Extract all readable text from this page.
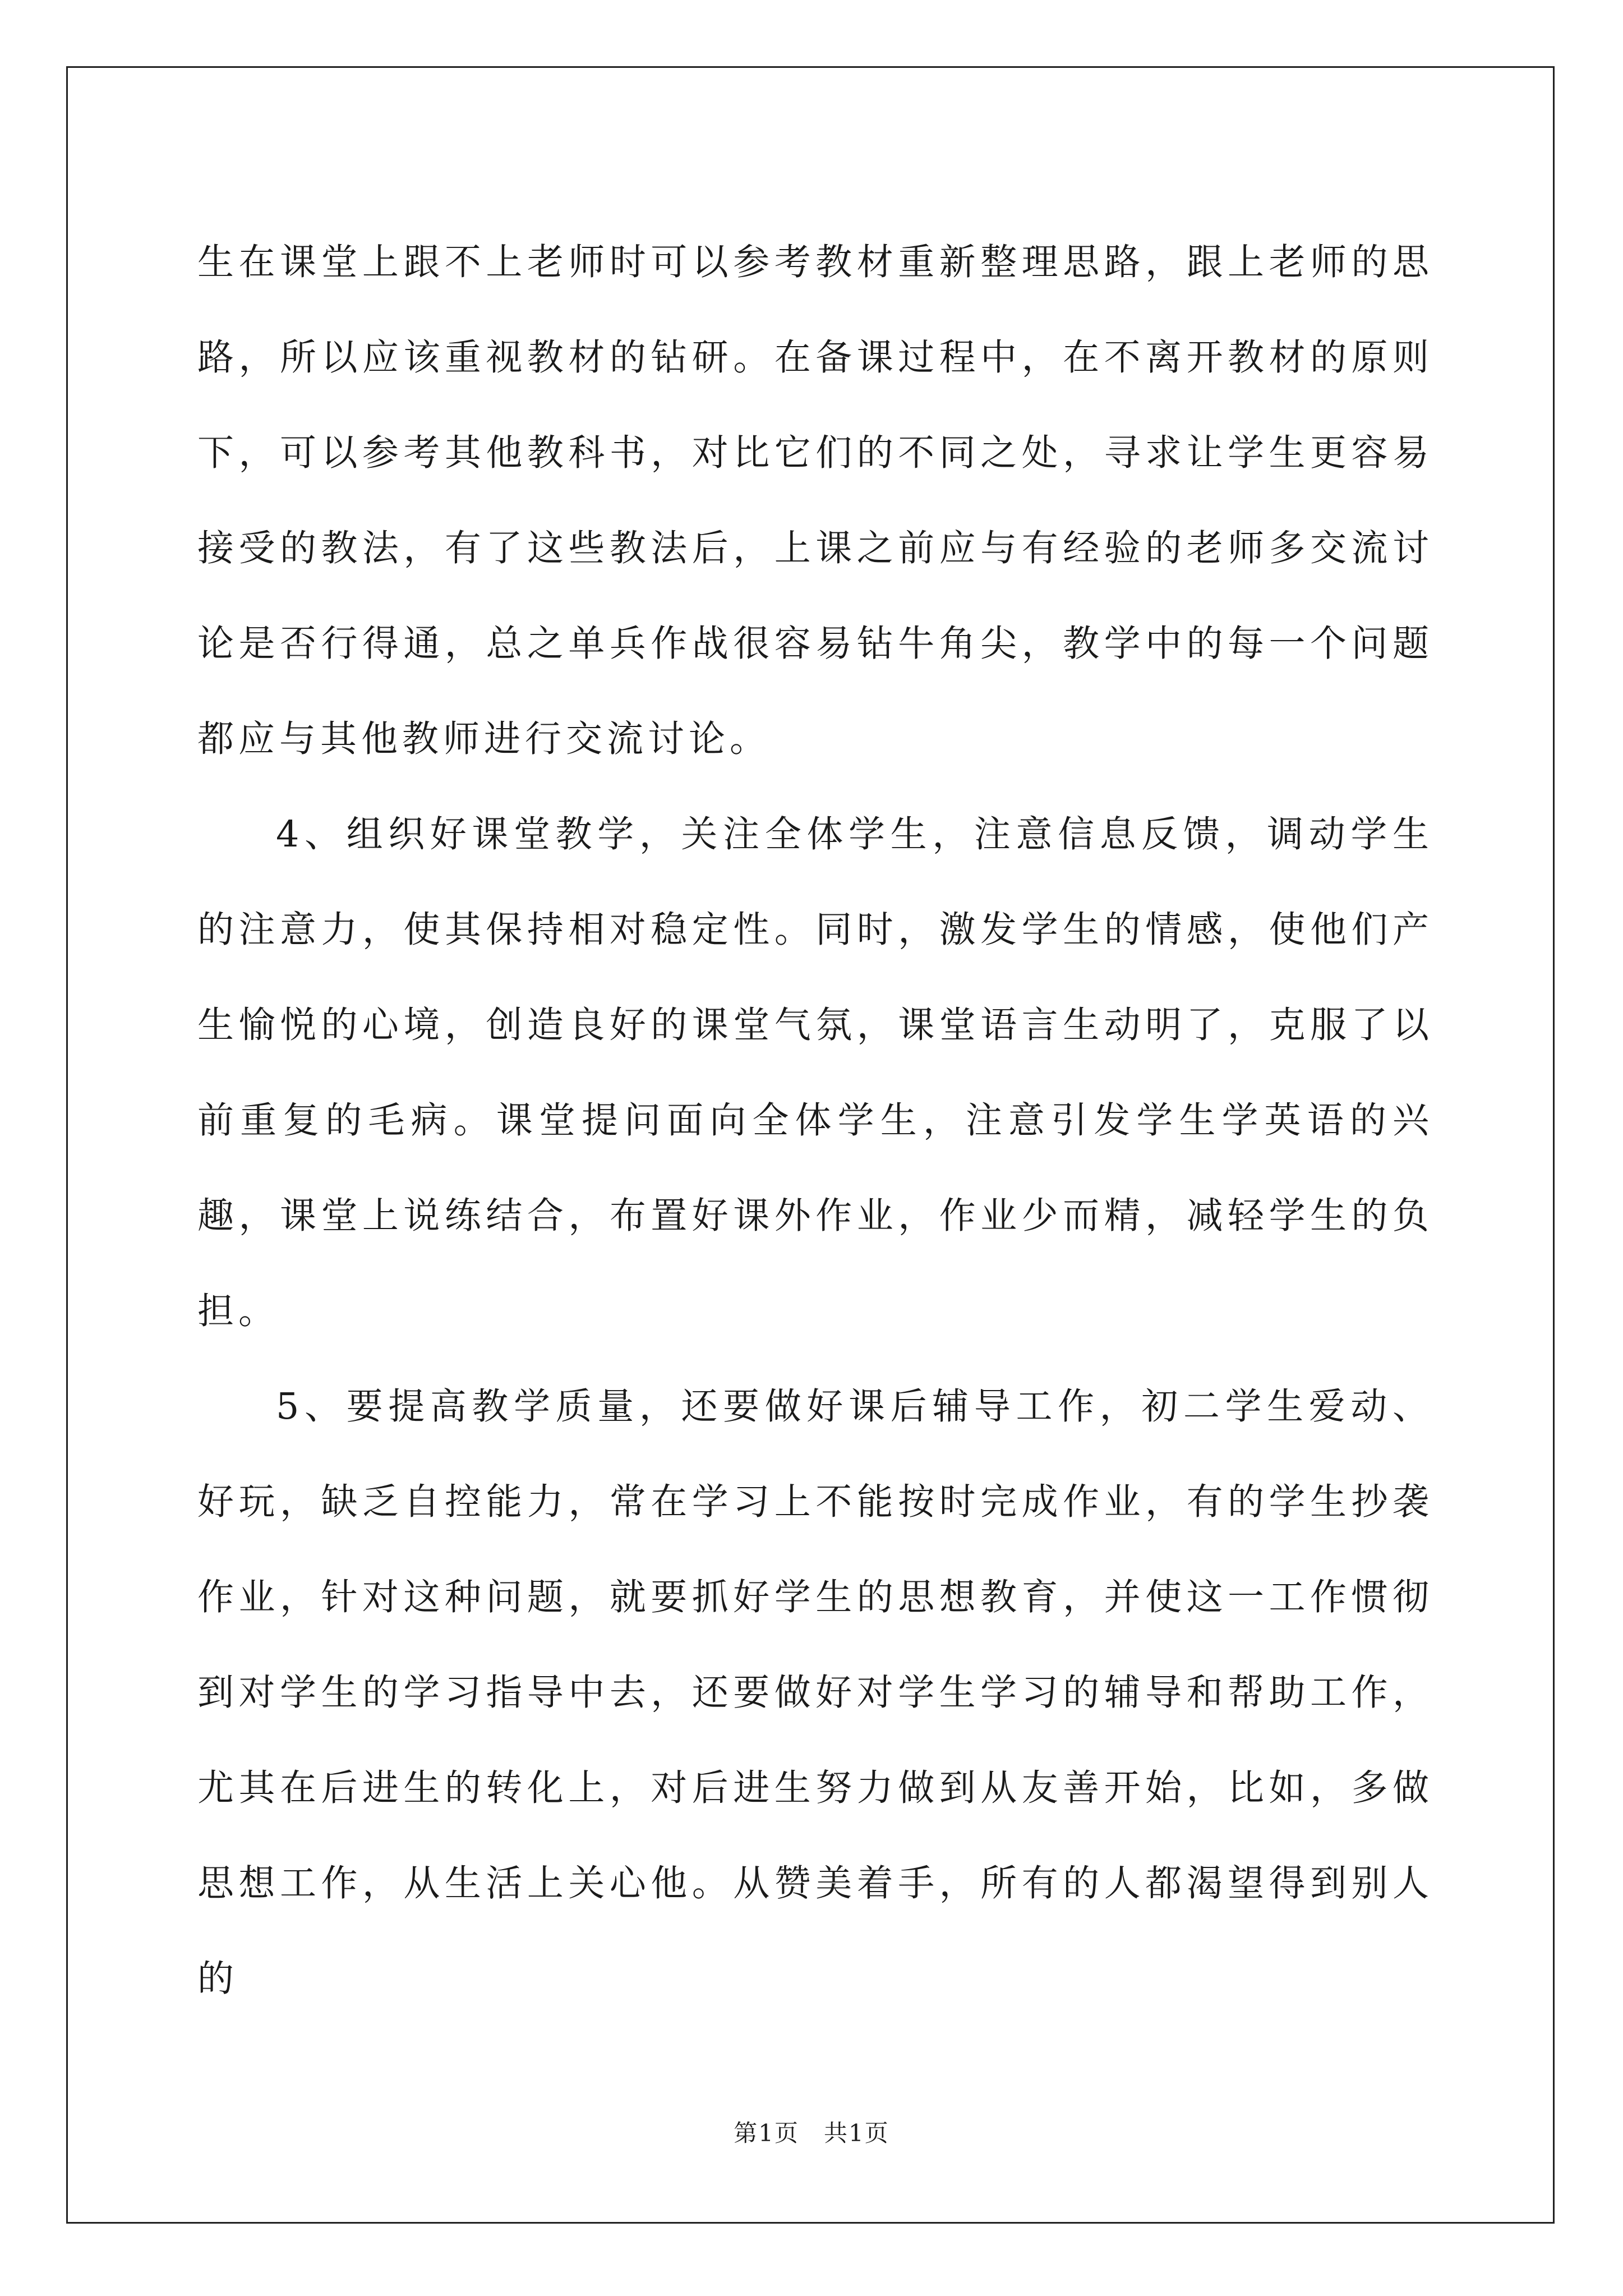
生在课堂上跟不上老师时可以参考教材重新整理思路，跟上老师的思路，所以应该重视教材的钻研。在备课过程中，在不离开教材的原则下，可以参考其他教科书，对比它们的不同之处，寻求让学生更容易接受的教法，有了这些教法后，上课之前应与有经验的老师多交流讨论是否行得通，总之单兵作战很容易钻牛角尖，教学中的每一个问题都应与其他教师进行交流讨论。

4、组织好课堂教学，关注全体学生，注意信息反馈，调动学生的注意力，使其保持相对稳定性。同时，激发学生的情感，使他们产生愉悦的心境，创造良好的课堂气氛，课堂语言生动明了，克服了以前重复的毛病。课堂提问面向全体学生，注意引发学生学英语的兴趣，课堂上说练结合，布置好课外作业，作业少而精，减轻学生的负担。

5、要提高教学质量，还要做好课后辅导工作，初二学生爱动、好玩，缺乏自控能力，常在学习上不能按时完成作业，有的学生抄袭作业，针对这种问题，就要抓好学生的思想教育，并使这一工作惯彻到对学生的学习指导中去，还要做好对学生学习的辅导和帮助工作，尤其在后进生的转化上，对后进生努力做到从友善开始，比如，多做思想工作，从生活上关心他。从赞美着手，所有的人都渴望得到别人的

第1页　共1页
